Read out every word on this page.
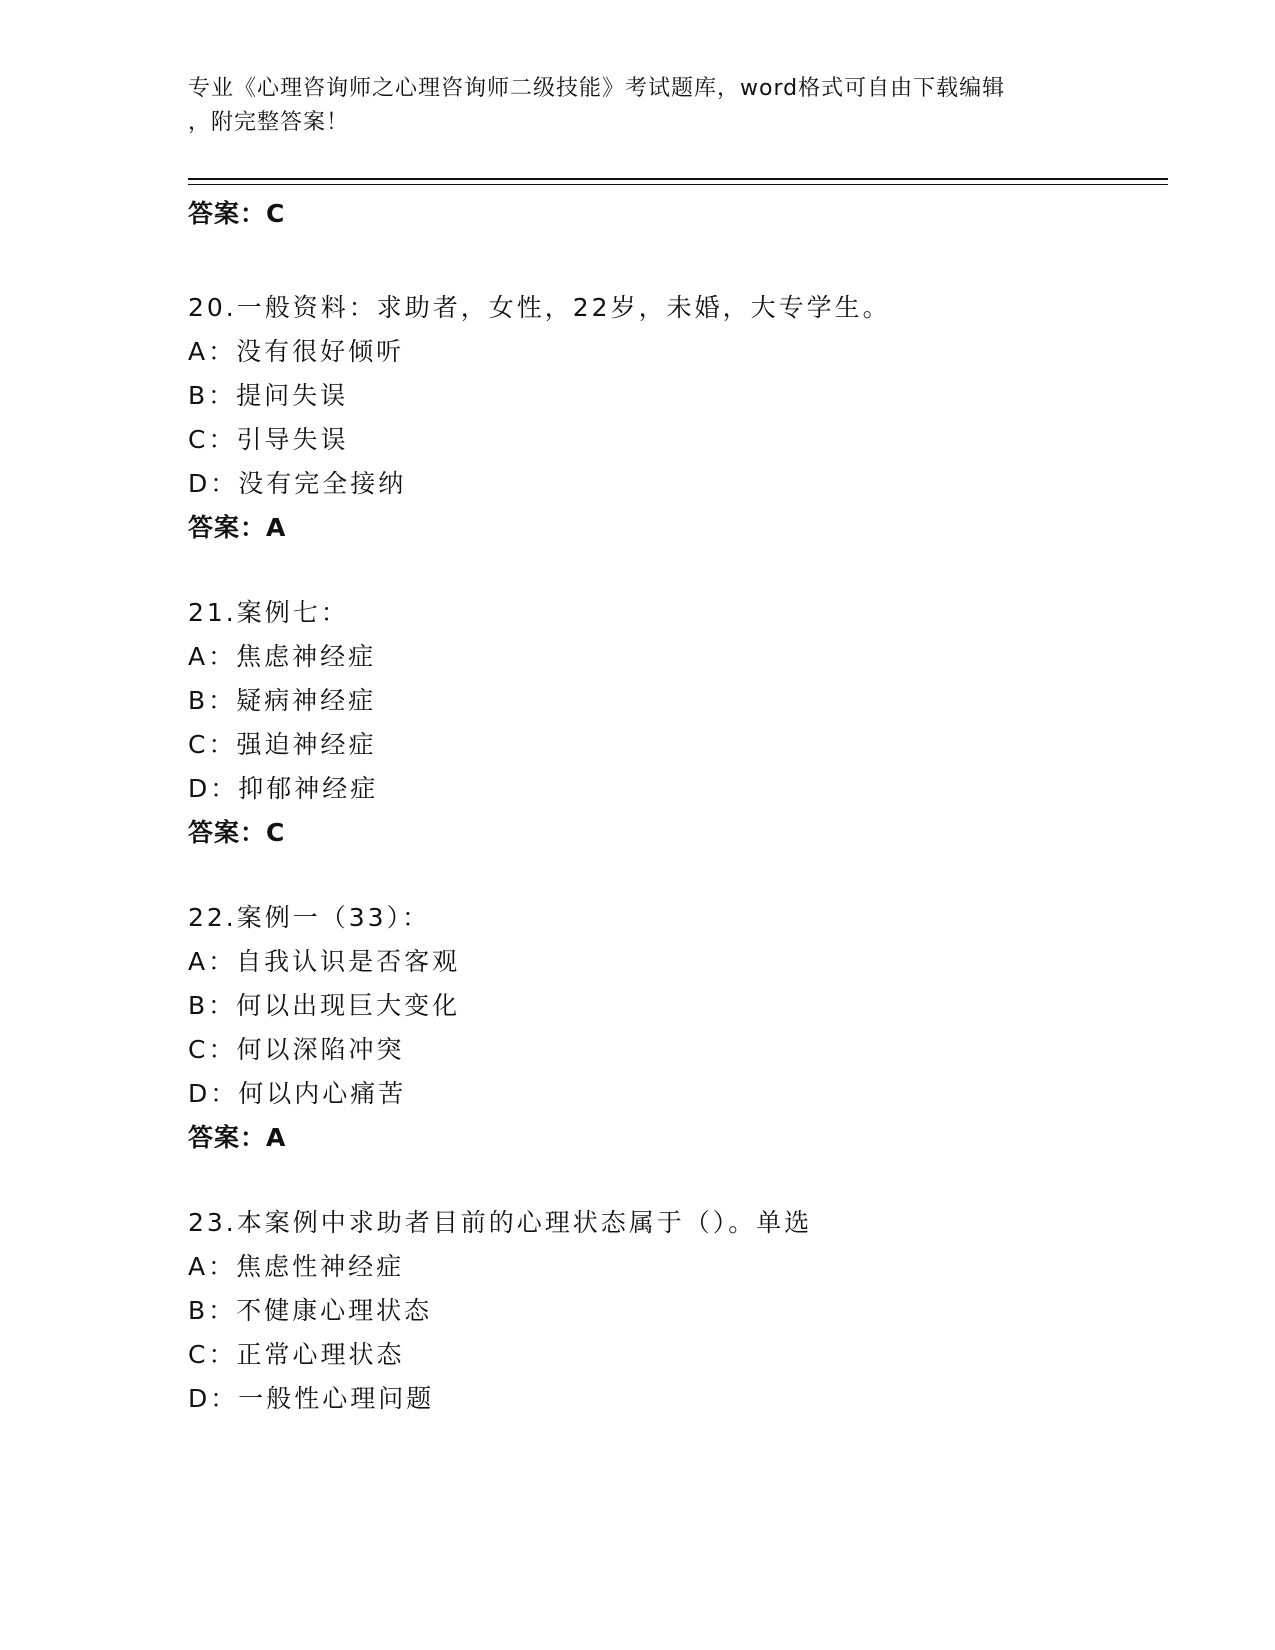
专业《心理咨询师之心理咨询师二级技能》考试题库，word格式可自由下载编辑
，附完整答案！
答案：C
20.一般资料：求助者，女性，22岁，未婚，大专学生。
A：没有很好倾听
B：提问失误
C：引导失误
D：没有完全接纳
答案：A
21.案例七：
A：焦虑神经症
B：疑病神经症
C：强迫神经症
D：抑郁神经症
答案：C
22.案例一（33）：
A：自我认识是否客观
B：何以出现巨大变化
C：何以深陷冲突
D：何以内心痛苦
答案：A
23.本案例中求助者目前的心理状态属于（）。单选
A：焦虑性神经症
B：不健康心理状态
C：正常心理状态
D：一般性心理问题
